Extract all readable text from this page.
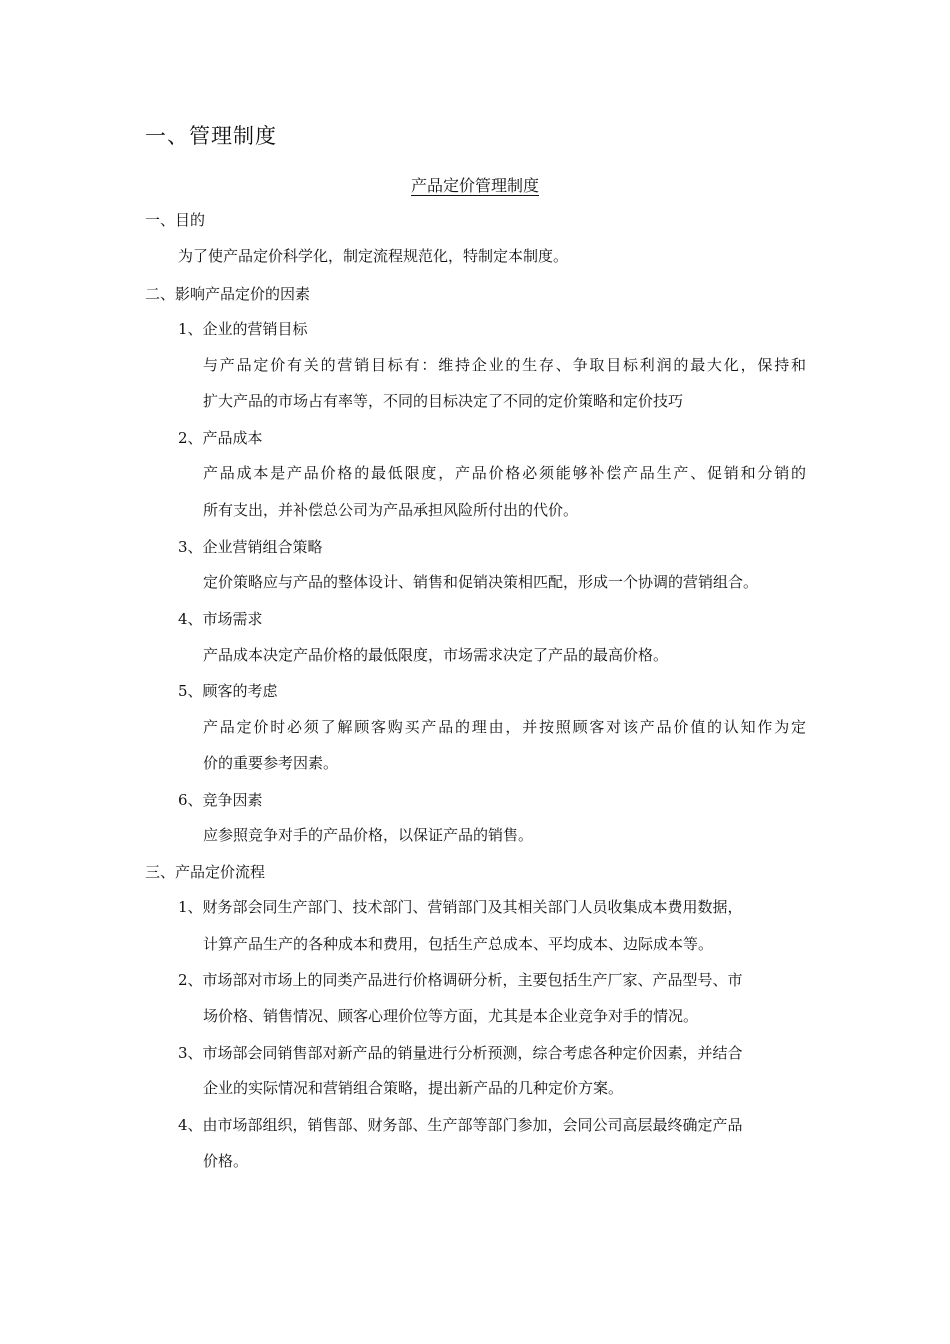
一、管理制度
产品定价管理制度
一、目的
为了使产品定价科学化，制定流程规范化，特制定本制度。
二、影响产品定价的因素
1、企业的营销目标
与产品定价有关的营销目标有：维持企业的生存、争取目标利润的最大化，保持和
扩大产品的市场占有率等，不同的目标决定了不同的定价策略和定价技巧
2、产品成本
产品成本是产品价格的最低限度，产品价格必须能够补偿产品生产、促销和分销的
所有支出，并补偿总公司为产品承担风险所付出的代价。
3、企业营销组合策略
定价策略应与产品的整体设计、销售和促销决策相匹配，形成一个协调的营销组合。
4、市场需求
产品成本决定产品价格的最低限度，市场需求决定了产品的最高价格。
5、顾客的考虑
产品定价时必须了解顾客购买产品的理由，并按照顾客对该产品价值的认知作为定
价的重要参考因素。
6、竞争因素
应参照竞争对手的产品价格，以保证产品的销售。
三、产品定价流程
1、财务部会同生产部门、技术部门、营销部门及其相关部门人员收集成本费用数据，
计算产品生产的各种成本和费用，包括生产总成本、平均成本、边际成本等。
2、市场部对市场上的同类产品进行价格调研分析，主要包括生产厂家、产品型号、市
场价格、销售情况、顾客心理价位等方面，尤其是本企业竞争对手的情况。
3、市场部会同销售部对新产品的销量进行分析预测，综合考虑各种定价因素，并结合
企业的实际情况和营销组合策略，提出新产品的几种定价方案。
4、由市场部组织，销售部、财务部、生产部等部门参加，会同公司高层最终确定产品
价格。
